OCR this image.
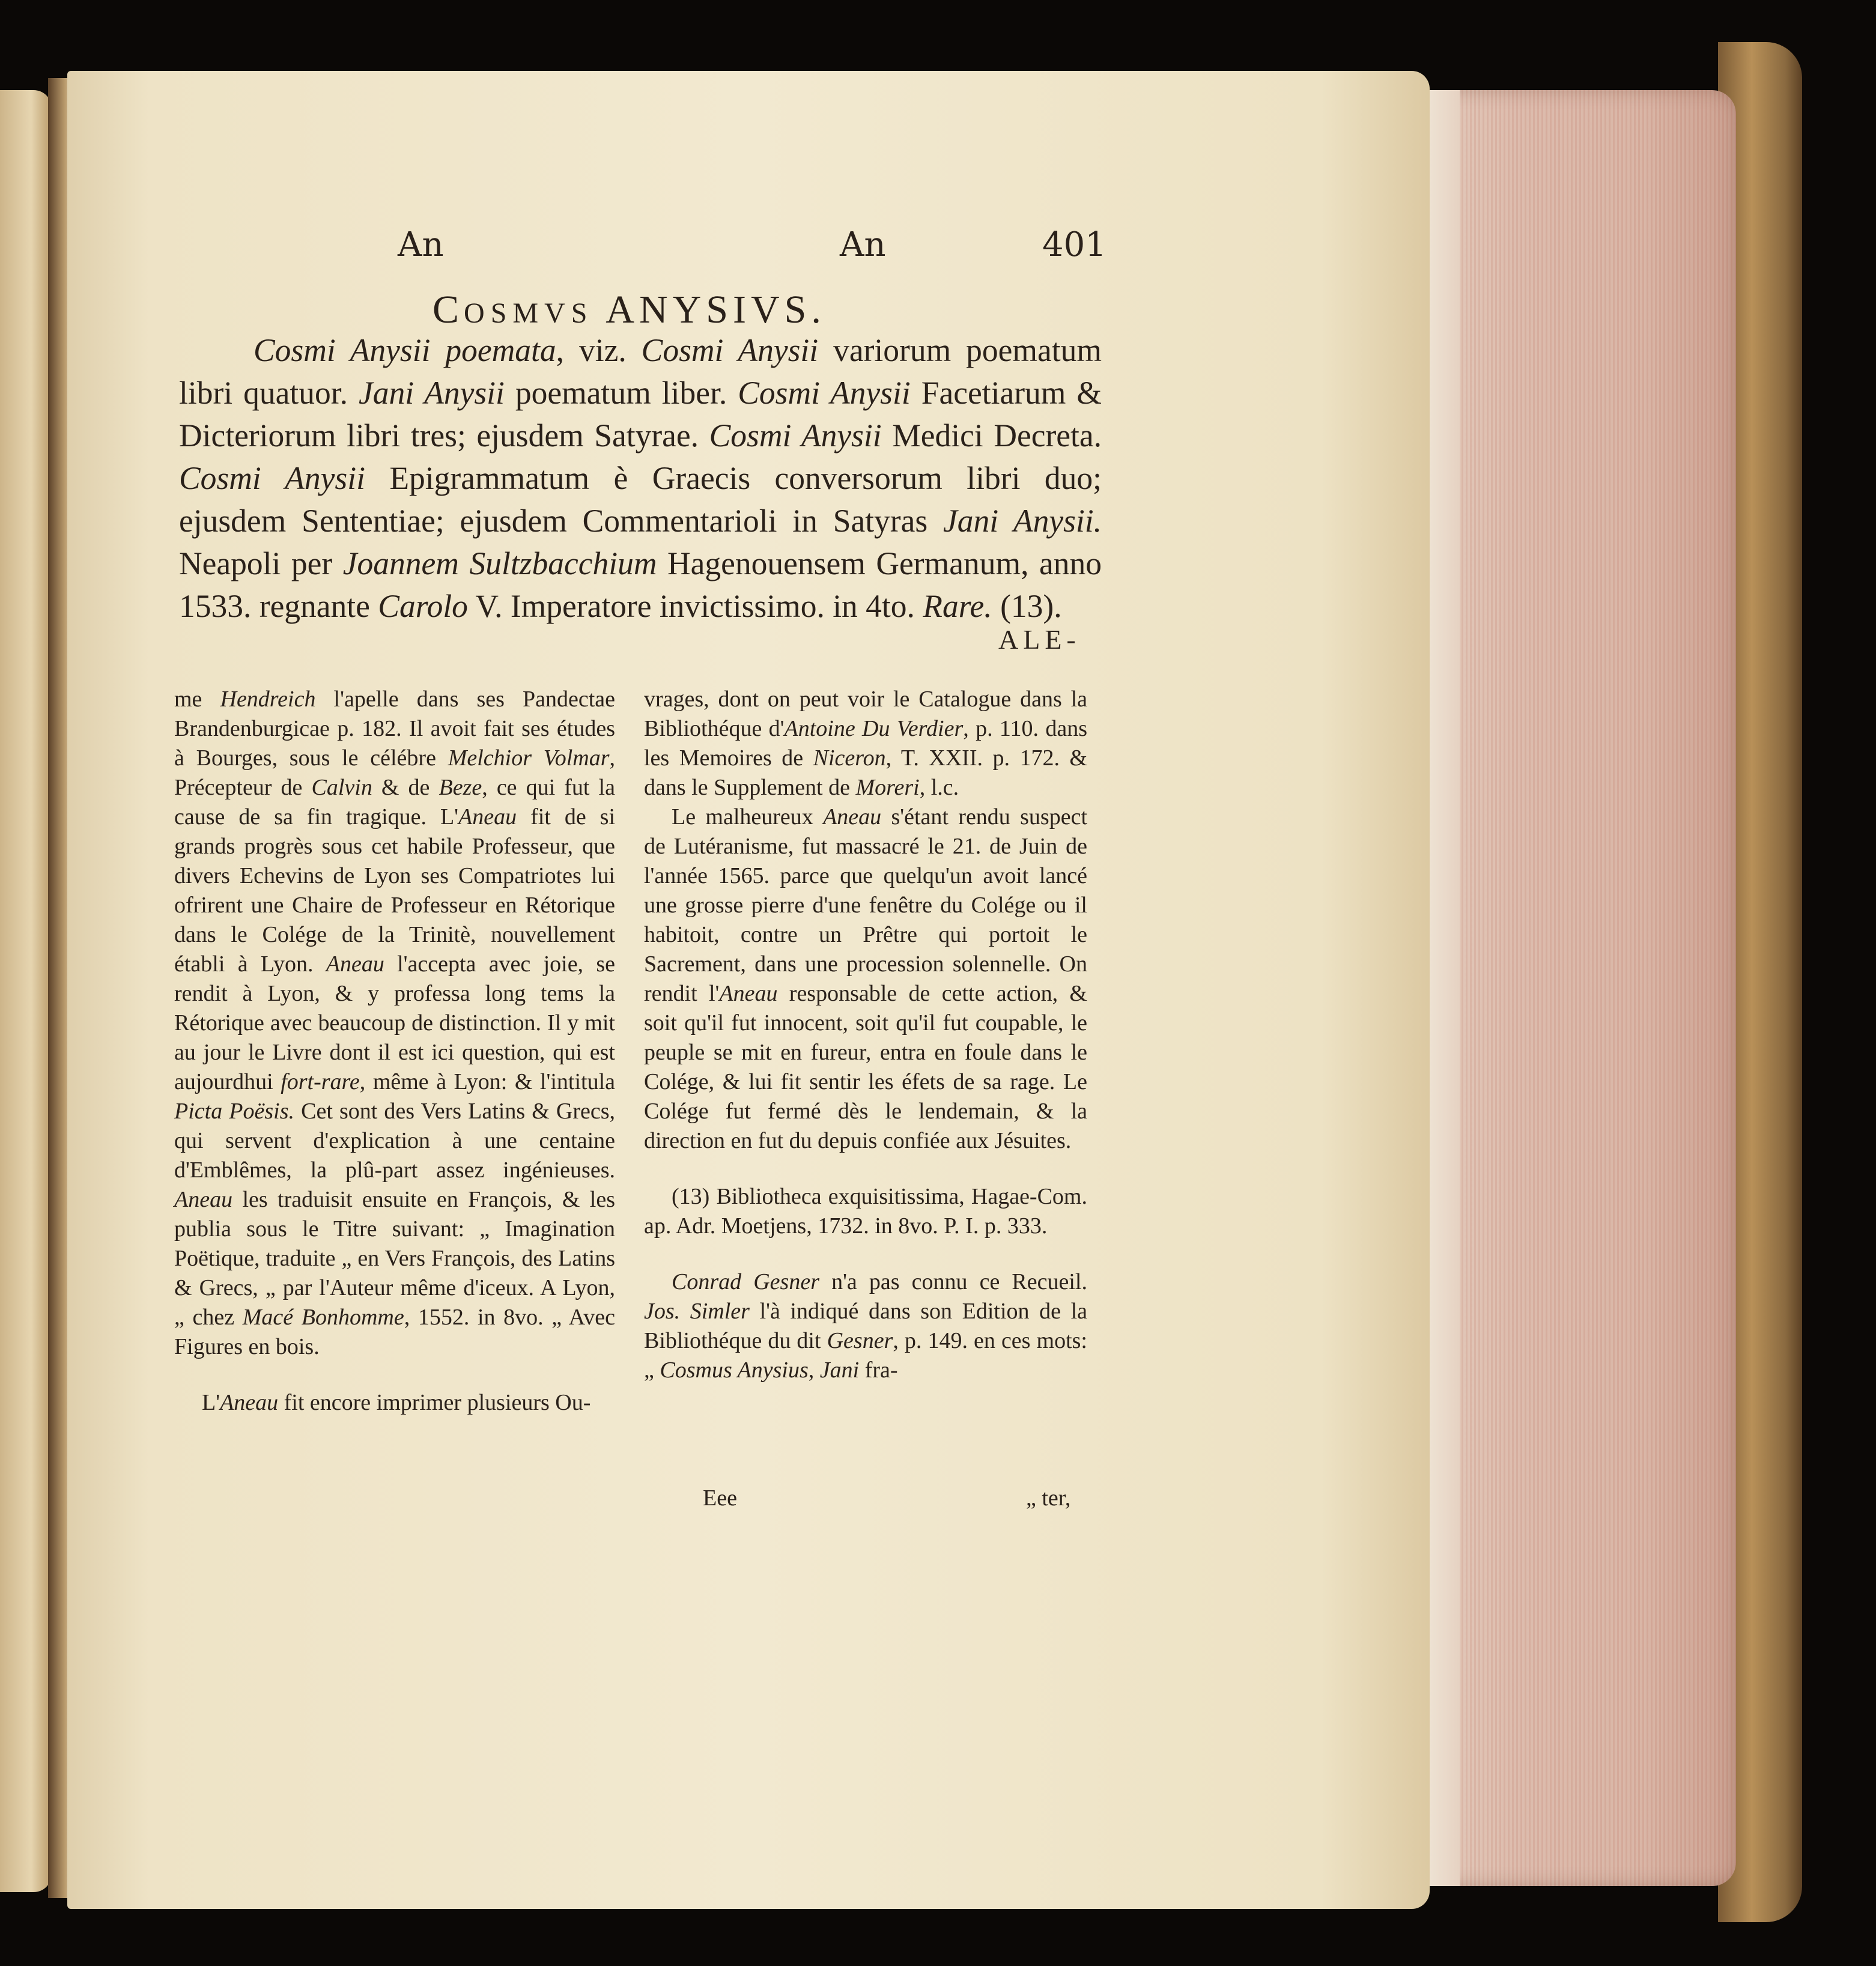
An	An	401
COSMVS ANYSIVS.

Cosmi Anysii poemata, viz. Cosmi Anysii variorum poematum libri quatuor. Jani Anysii poematum liber. Cosmi Anysii Facetiarum & Dicteriorum libri tres; ejusdem Satyrae. Cosmi Anysii Medici Decreta. Cosmi Anysii Epigrammatum è Graecis conversorum libri duo; ejusdem Sententiae; ejusdem Commentarioli in Satyras Jani Anysii. Neapoli per Joannem Sultzbacchium Hagenouensem Germanum, anno 1533. regnante Carolo V. Imperatore invictissimo. in 4to. Rare. (13).

ALE-

me Hendreich l'apelle dans ses Pandectae Brandenburgicae p. 182. Il avoit fait ses études à Bourges, sous le célébre Melchior Volmar, Précepteur de Calvin & de Beze, ce qui fut la cause de sa fin tragique. L'Aneau fit de si grands progrès sous cet habile Professeur, que divers Echevins de Lyon ses Compatriotes lui ofrirent une Chaire de Professeur en Rétorique dans le Colége de la Trinitè, nouvellement établi à Lyon. Aneau l'accepta avec joie, se rendit à Lyon, & y professa long tems la Rétorique avec beaucoup de distinction. Il y mit au jour le Livre dont il est ici question, qui est aujourdhui fort-rare, même à Lyon: & l'intitula Picta Poësis. Cet sont des Vers Latins & Grecs, qui servent d'explication à une centaine d'Emblêmes, la plû-part assez ingénieuses. Aneau les traduisit ensuite en François, & les publia sous le Titre suivant: „ Imagination Poëtique, traduite „ en Vers François, des Latins & Grecs, „ par l'Auteur même d'iceux. A Lyon, „ chez Macé Bonhomme, 1552. in 8vo. „ Avec Figures en bois.

L'Aneau fit encore imprimer plusieurs Ou-

vrages, dont on peut voir le Catalogue dans la Bibliothéque d'Antoine Du Verdier, p. 110. dans les Memoires de Niceron, T. XXII. p. 172. & dans le Supplement de Moreri, l.c.

Le malheureux Aneau s'étant rendu suspect de Lutéranisme, fut massacré le 21. de Juin de l'année 1565. parce que quelqu'un avoit lancé une grosse pierre d'une fenêtre du Colége ou il habitoit, contre un Prêtre qui portoit le Sacrement, dans une procession solennelle. On rendit l'Aneau responsable de cette action, & soit qu'il fut innocent, soit qu'il fut coupable, le peuple se mit en fureur, entra en foule dans le Colége, & lui fit sentir les éfets de sa rage. Le Colége fut fermé dès le lendemain, & la direction en fut du depuis confiée aux Jésuites.

(13) Bibliotheca exquisitissima, Hagae-Com. ap. Adr. Moetjens, 1732. in 8vo. P. I. p. 333.

Conrad Gesner n'a pas connu ce Recueil. Jos. Simler l'à indiqué dans son Edition de la Bibliothéque du dit Gesner, p. 149. en ces mots: „ Cosmus Anysius, Jani fra-

Eee	„ ter,
